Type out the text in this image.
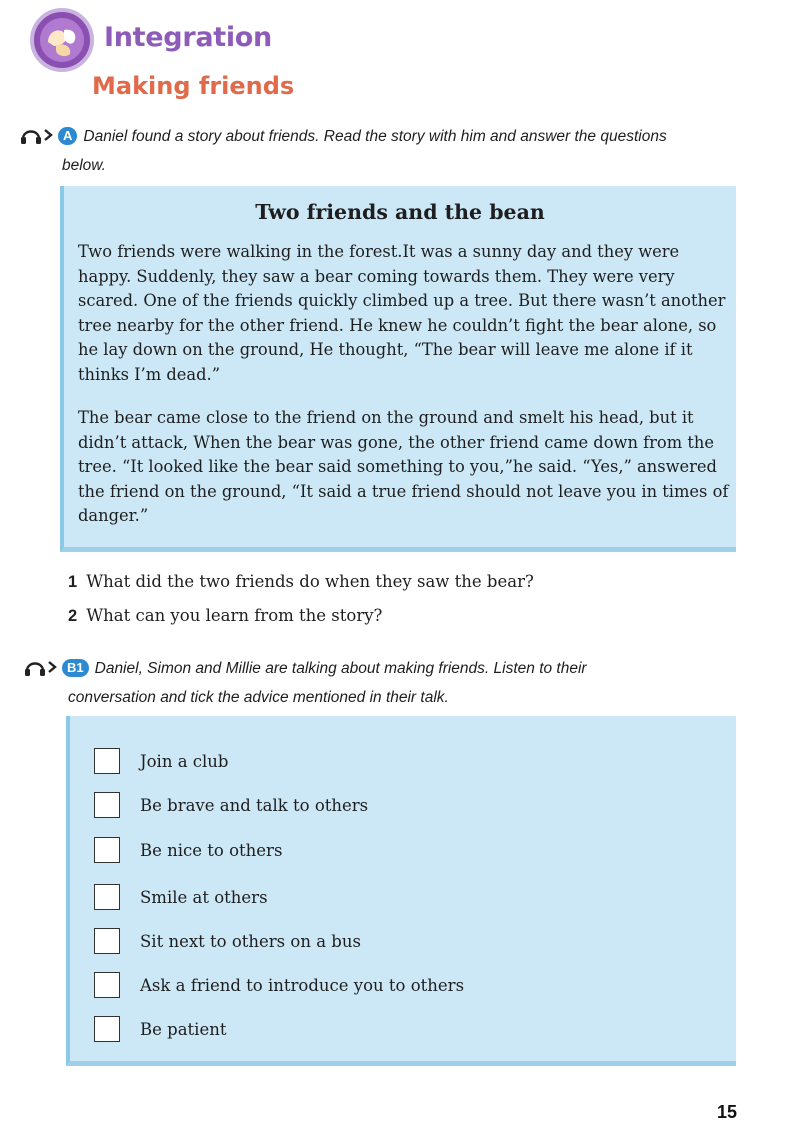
Integration
Making friends
A Daniel found a story about friends. Read the story with him and answer the questions
below.
Two friends and the bean
Two friends were walking in the forest.It was a sunny day and they were happy. Suddenly, they saw a bear coming towards them. They were very scared. One of the friends quickly climbed up a tree. But there wasn’t another tree nearby for the other friend. He knew he couldn’t fight the bear alone, so he lay down on the ground, He thought, “The bear will leave me alone if it thinks I’m dead.”
The bear came close to the friend on the ground and smelt his head, but it didn’t attack, When the bear was gone, the other friend came down from the tree. “It looked like the bear said something to you,”he said. “Yes,” answered the friend on the ground, “It said a true friend should not leave you in times of danger.”
1 What did the two friends do when they saw the bear?
2 What can you learn from the story?
B1 Daniel, Simon and Millie are talking about making friends. Listen to their
conversation and tick the advice mentioned in their talk.
Join a club
Be brave and talk to others
Be nice to others
Smile at others
Sit next to others on a bus
Ask a friend to introduce you to others
Be patient
15
